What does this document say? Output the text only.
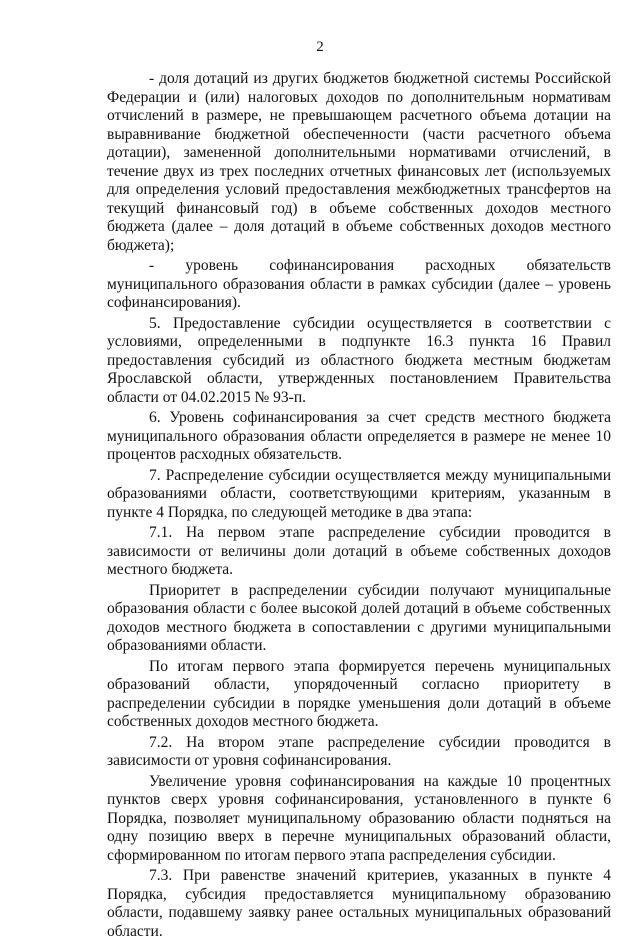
2

- доля дотаций из других бюджетов бюджетной системы Российской Федерации и (или) налоговых доходов по дополнительным нормативам отчислений в размере, не превышающем расчетного объема дотации на выравнивание бюджетной обеспеченности (части расчетного объема дотации), замененной дополнительными нормативами отчислений, в течение двух из трех последних отчетных финансовых лет (используемых для определения условий предоставления межбюджетных трансфертов на текущий финансовый год) в объеме собственных доходов местного бюджета (далее – доля дотаций в объеме собственных доходов местного бюджета);

- уровень софинансирования расходных обязательств муниципального образования области в рамках субсидии (далее – уровень софинансирования).

5. Предоставление субсидии осуществляется в соответствии с условиями, определенными в подпункте 16.3 пункта 16 Правил предоставления субсидий из областного бюджета местным бюджетам Ярославской области, утвержденных постановлением Правительства области от 04.02.2015 № 93-п.

6. Уровень софинансирования за счет средств местного бюджета муниципального образования области определяется в размере не менее 10 процентов расходных обязательств.

7. Распределение субсидии осуществляется между муниципальными образованиями области, соответствующими критериям, указанным в пункте 4 Порядка, по следующей методике в два этапа:

7.1. На первом этапе распределение субсидии проводится в зависимости от величины доли дотаций в объеме собственных доходов местного бюджета.

Приоритет в распределении субсидии получают муниципальные образования области с более высокой долей дотаций в объеме собственных доходов местного бюджета в сопоставлении с другими муниципальными образованиями области.

По итогам первого этапа формируется перечень муниципальных образований области, упорядоченный согласно приоритету в распределении субсидии в порядке уменьшения доли дотаций в объеме собственных доходов местного бюджета.

7.2. На втором этапе распределение субсидии проводится в зависимости от уровня софинансирования.

Увеличение уровня софинансирования на каждые 10 процентных пунктов сверх уровня софинансирования, установленного в пункте 6 Порядка, позволяет муниципальному образованию области подняться на одну позицию вверх в перечне муниципальных образований области, сформированном по итогам первого этапа распределения субсидии.

7.3. При равенстве значений критериев, указанных в пункте 4 Порядка, субсидия предоставляется муниципальному образованию области, подавшему заявку ранее остальных муниципальных образований области.
